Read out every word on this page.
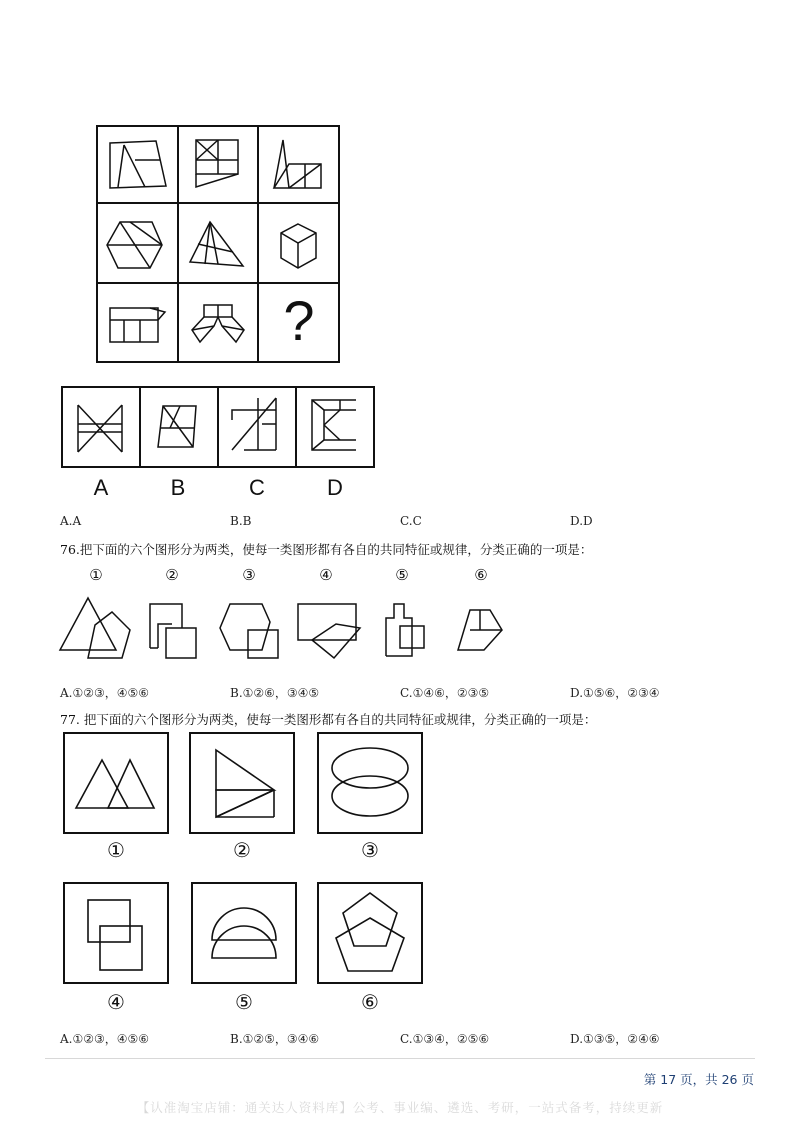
?
A	B	C	D
A.A	B.B	C.C	D.D
76.把下面的六个图形分为两类，使每一类图形都有各自的共同特征或规律，分类正确的一项是：
①	②	③	④	⑤	⑥
A.①②③，④⑤⑥	B.①②⑥，③④⑤	C.①④⑥，②③⑤	D.①⑤⑥，②③④
77. 把下面的六个图形分为两类，使每一类图形都有各自的共同特征或规律，分类正确的一项是：
①	②	③
④	⑤	⑥
A.①②③，④⑤⑥	B.①②⑤，③④⑥	C.①③④，②⑤⑥	D.①③⑤，②④⑥
第 17 页，共 26 页
【认准淘宝店铺：通关达人资料库】公考、事业编、遴选、考研，一站式备考，持续更新
